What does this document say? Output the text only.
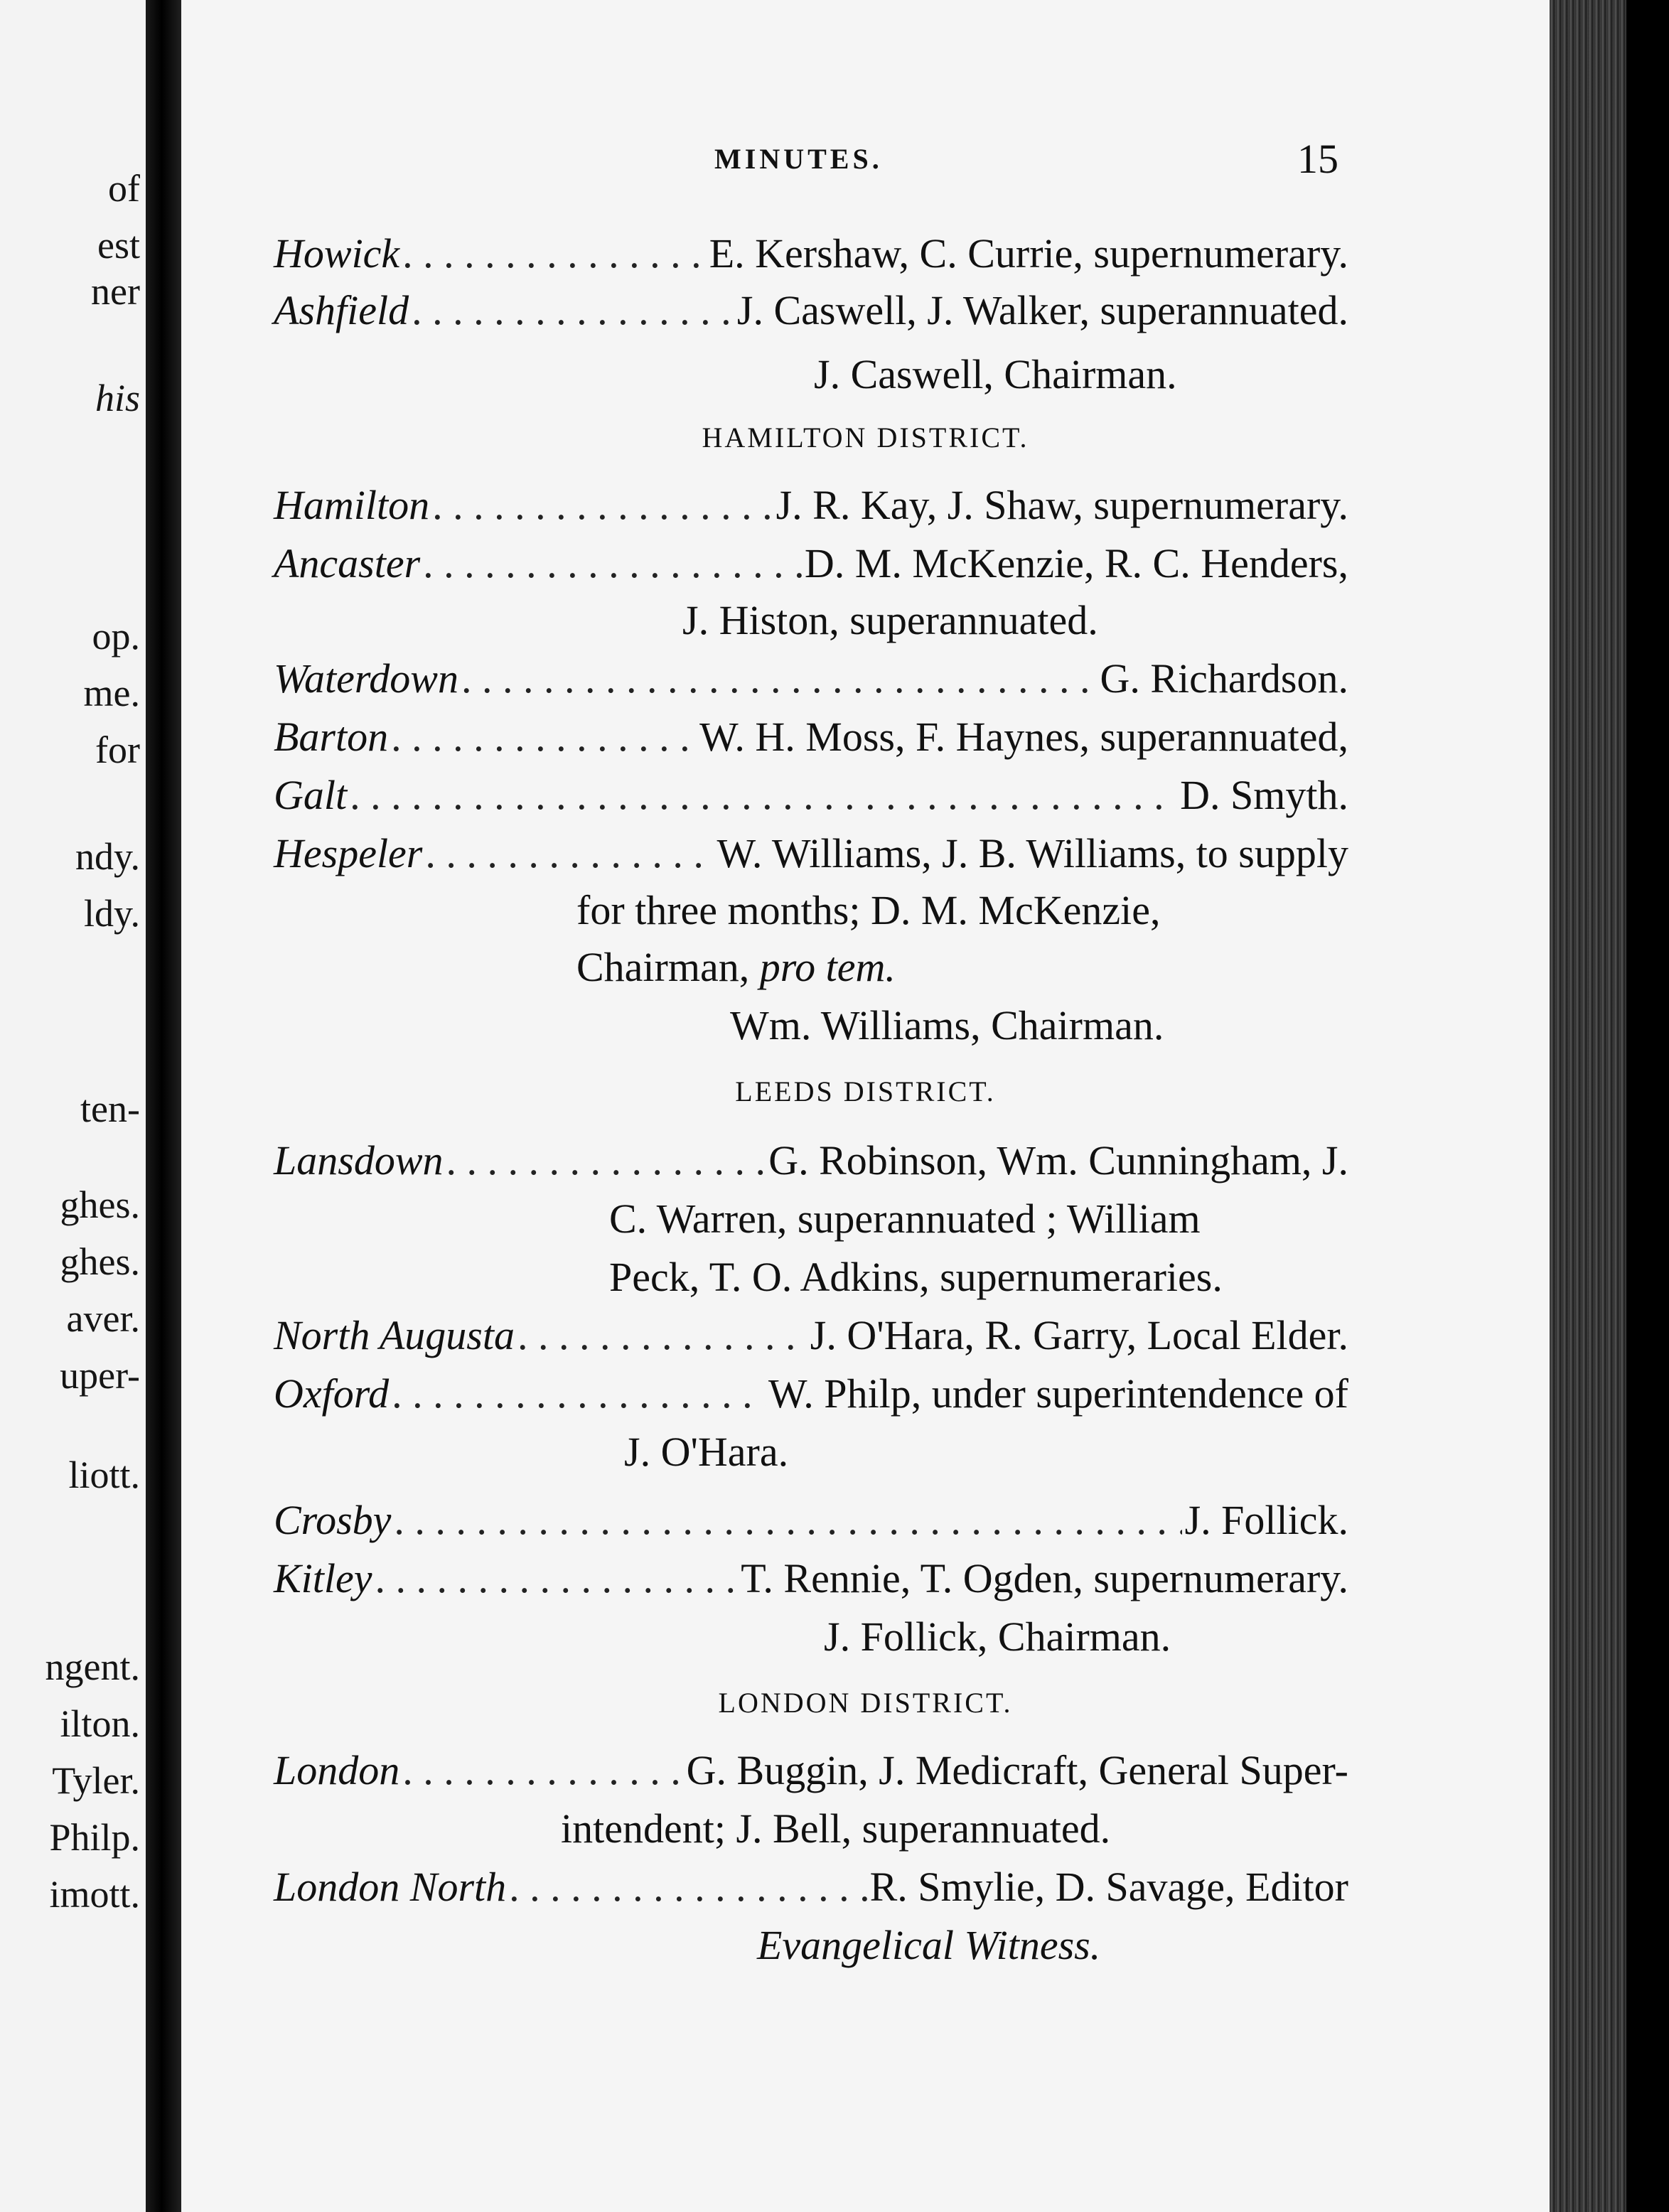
of
est
ner
his
op.
me.
for
ndy.
ldy.
ten-
ghes.
ghes.
aver.
uper-
liott.
ngent.
ilton.
Tyler.
Philp.
imott.
MINUTES.	15
Howick . . .	E. Kershaw, C. Currie, supernumerary.
Ashfield . . .	J. Caswell, J. Walker, superannuated.
J. Caswell, Chairman.
HAMILTON DISTRICT.
Hamilton . . .	J. R. Kay, J. Shaw, supernumerary.
Ancaster . . .	D. M. McKenzie, R. C. Henders,
J. Histon, superannuated.
Waterdown . . .	G. Richardson.
Barton . . .	W. H. Moss, F. Haynes, superannuated,
Galt . . .	D. Smyth.
Hespeler . . .	W. Williams, J. B. Williams, to supply
for three months; D. M. McKenzie,
Chairman, pro tem.
Wm. Williams, Chairman.
LEEDS DISTRICT.
Lansdown . . .	G. Robinson, Wm. Cunningham, J.
C. Warren, superannuated ; William
Peck, T. O. Adkins, supernumeraries.
North Augusta . . .	J. O'Hara, R. Garry, Local Elder.
Oxford . . .	W. Philp, under superintendence of
J. O'Hara.
Crosby . . .	J. Follick.
Kitley . . .	T. Rennie, T. Ogden, supernumerary.
J. Follick, Chairman.
LONDON DISTRICT.
London . . .	G. Buggin, J. Medicraft, General Super-
intendent; J. Bell, superannuated.
London North . . .	R. Smylie, D. Savage, Editor
Evangelical Witness.
